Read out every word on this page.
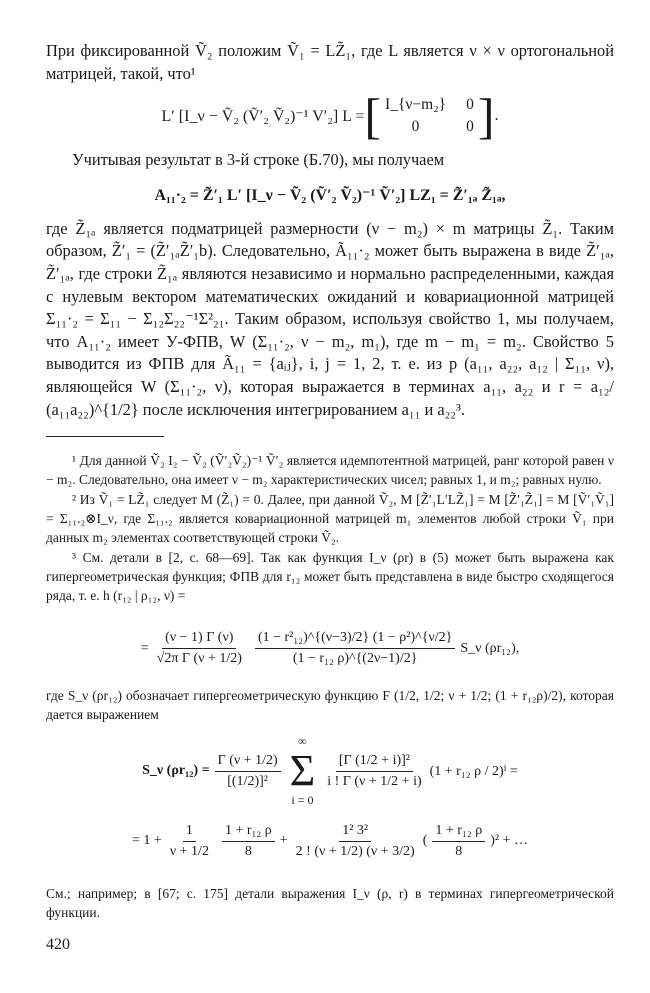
При фиксированной Ṽ₂ положим Ṽ₁ = LZ̃₁, где L является ν × ν ортогональной матрицей, такой, что¹

L′ [I_ν − Ṽ₂ (Ṽ′₂ Ṽ₂)⁻¹ V′₂] L = [ I_{ν−m₂} 0
0	0 ] .

Учитывая результат в 3-й строке (Б.70), мы получаем

A₁₁·₂ = Z̃′₁ L′ [I_ν − Ṽ₂ (Ṽ′₂ Ṽ₂)⁻¹ Ṽ′₂] LZ₁ = Z̃′₁ₐ Z̃₁ₐ,

где Z̃₁ₐ является подматрицей размерности (ν − m₂) × m матрицы Z̃₁. Таким образом, Z̃′₁ = (Z̃′₁ₐZ̃′₁b). Следовательно, Ã₁₁·₂ может быть выражена в виде Z̃′₁ₐ, Z̃′₁ₐ, где строки Z̃₁ₐ являются независимо и нормально распределенными, каждая с нулевым вектором математических ожиданий и ковариационной матрицей Σ₁₁·₂ = Σ₁₁ − Σ₁₂Σ₂₂⁻¹Σ²₂₁. Таким образом, используя свойство 1, мы получаем, что A₁₁·₂ имеет У-ФПВ, W (Σ₁₁·₂, ν − m₂, m₁), где m − m₁ = m₂. Свойство 5 выводится из ФПВ для Ã₁₁ = {aᵢⱼ}, i, j = 1, 2, т. е. из p (a₁₁, a₂₂, a₁₂ | Σ₁₁, ν), являющейся W (Σ₁₁·₂, ν), которая выражается в терминах a₁₁, a₂₂ и r = a₁₂/ (a₁₁a₂₂)^{1/2} после исключения интегрированием a₁₁ и a₂₂³.

¹ Для данной Ṽ₂ I₂ − Ṽ₂ (Ṽ′₂Ṽ₂)⁻¹ Ṽ′₂ является идемпотентной матрицей, ранг которой равен ν − m₂. Следовательно, она имеет ν − m₂ характеристических чисел; равных 1, и m₂; равных нулю.

² Из Ṽ₁ = LZ̃₁ следует M (Z̃₁) = 0. Далее, при данной Ṽ₂, M [Z̃′₁L′LZ̃₁] = M [Z̃′₁Z̃₁] = M [Ṽ′₁Ṽ₁] = Σ₁₁.₂⊗I_ν, где Σ₁₁.₂ является ковариационной матрицей m₁ элементов любой строки Ṽ₁ при данных m₂ элементах соответствующей строки Ṽ₂.

³ См. детали в [2, с. 68—69]. Так как функция I_ν (ρr) в (5) может быть выражена как гипергеометрическая функция; ФПВ для r₁₂ может быть представлена в виде быстро сходящегося ряда, т. е. h (r₁₂ | ρ₁₂, ν) =

= $\frac{(\nu - 1) \Gamma (\nu)}{\text{√2π Γ (ν + 1/2)}} \frac{\text{(1 − r²₁₂)\textasciicircum{}\{(ν−3)/2\} (1 − ρ²)\textasciicircum{}\{ν/2\}}}{\text{(1 − r₁₂ ρ)\textasciicircum{}\{(2ν−1)/2\}}}$ S_ν (ρr₁₂),

где S_ν (ρr₁₂) обозначает гипергеометрическую функцию F (1/2, 1/2; ν + 1/2; (1 + r₁₂ρ)/2), которая дается выражением

S_ν $(\rho r_{12}) = \frac{\Gamma (\nu + 1/2)}{\text{[(1/2)]²}}$
∞
Σ
i = 0
$\frac{\text{[Γ (1/2 + i)]²}}{i ! \Gamma (\nu + 1/2 + i)} (1 + r_{12}$ ρ / 2)ⁱ =
= $1 + \frac{1}{\nu + 1/2} \frac{\text{1 + r₁₂ ρ}}{8} + \frac{\text{1² 3²}}{2 ! (\nu + 1/2) (\nu + 3/2)}$ ( $\frac{\text{1 + r₁₂ ρ}}{8} )^2$ + …

См.; например; в [67; с. 175] детали выражения I_ν (ρ, r) в терминах гипергеометрической функции.

420
